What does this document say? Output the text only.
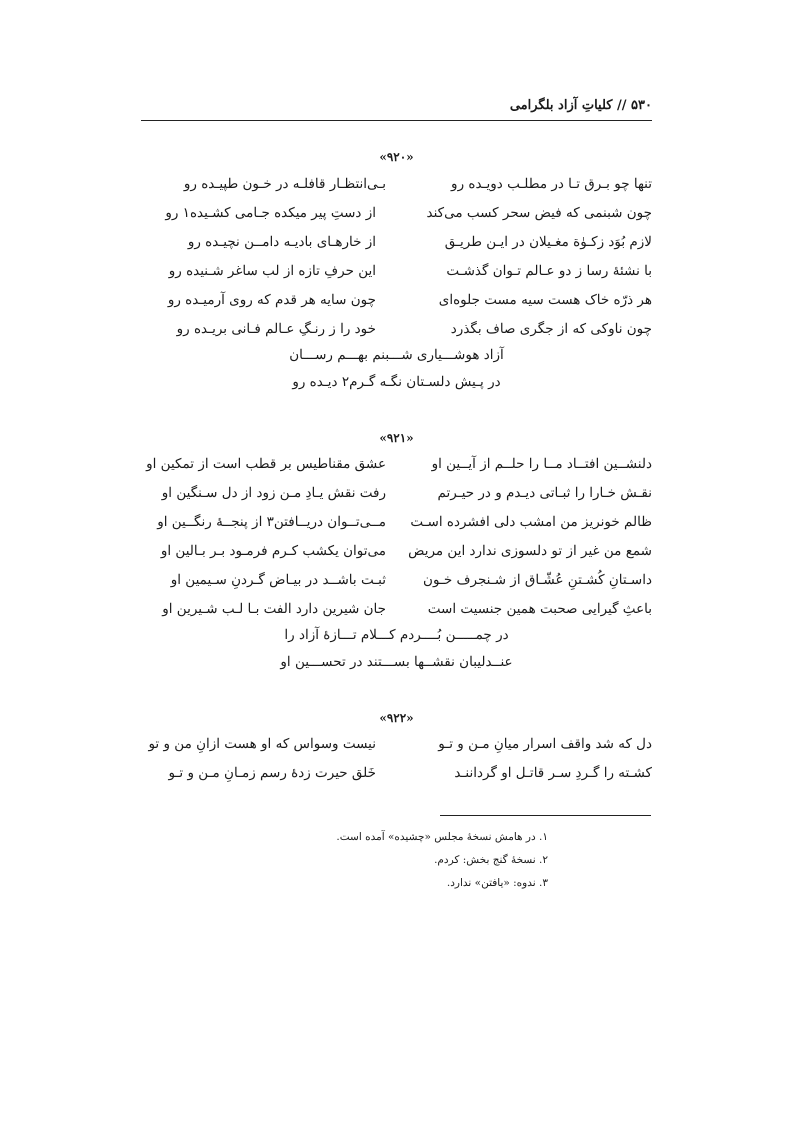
۵۳۰ // کلیاتِ آزاد بلگرامی
«۹۲۰»
تنها چو بـرق تـا در مطلـب دویـده رو
بـی‌انتظـار قافلـه در خـون طپیـده رو
چون شبنمی که فیض سحر کسب می‌کند
از دستِ پیر میکده جـامی کشـیده۱ رو
لازم بُوَد زکـوٰة مغـیلان در ایـن طریـق
از خارهـای بادیـه دامــن نچیـده رو
با نشئۀ رسا ز دو عـالم تـوان گذشـت
این حرفِ تازه از لب ساغر شـنیده رو
هر ذرّه خاک هست سیه مست جلوه‌ای
چون سایه هر قدم که روی آرمیـده رو
چون ناوکی که از جگری صاف بگذرد
خود را ز رنـگِ عـالم فـانی بریـده رو
آزاد هوشـــیاری شـــبنم بهـــم رســـان
در پـیش دلسـتان نگـه گـرم۲ دیـده رو
«۹۲۱»
دلنشــین افتــاد مــا را حلــم از آیــین او
عشق مقناطیس بر قطب است از تمکین او
نقـش خـارا را ثبـاتی دیـدم و در حیـرتم
رفت نقش یـادِ مـن زود از دل سـنگین او
ظالم خونریز من امشب دلی افشرده اسـت
مــی‌تــوان دریــافتن۳ از پنجــۀ رنگــین او
شمع من غیر از تو دلسوزی ندارد این مریض
می‌توان یکشب کـرم فرمـود بـر بـالین او
داسـتانِ کُشـتنِ عُشّـاق از شـنجرف خـون
ثبـت باشــد در بیـاض گـردنِ سـیمین او
باعثِ گیرایی صحبت همین جنسیت است
جان شیرین دارد الفت بـا لـب شـیرین او
در چمـــــن بُــــردم کـــلام تـــازۀ آزاد را
عنــدلیبان نقشــها بســـتند در تحســـین او
«۹۲۲»
دل که شد واقف اسرار میانِ مـن و تـو
نیست وسواس که او هست ازانِ من و تو
کشـته را گـردِ سـر قاتـل او گرداننـد
خَلق حیرت زدۀ رسم زمـانِ مـن و تـو
۱. در هامش نسخۀ مجلس «چشیده» آمده است.
۲. نسخۀ گنج بخش: کردم.
۳. ندوه: «یافتن» ندارد.
